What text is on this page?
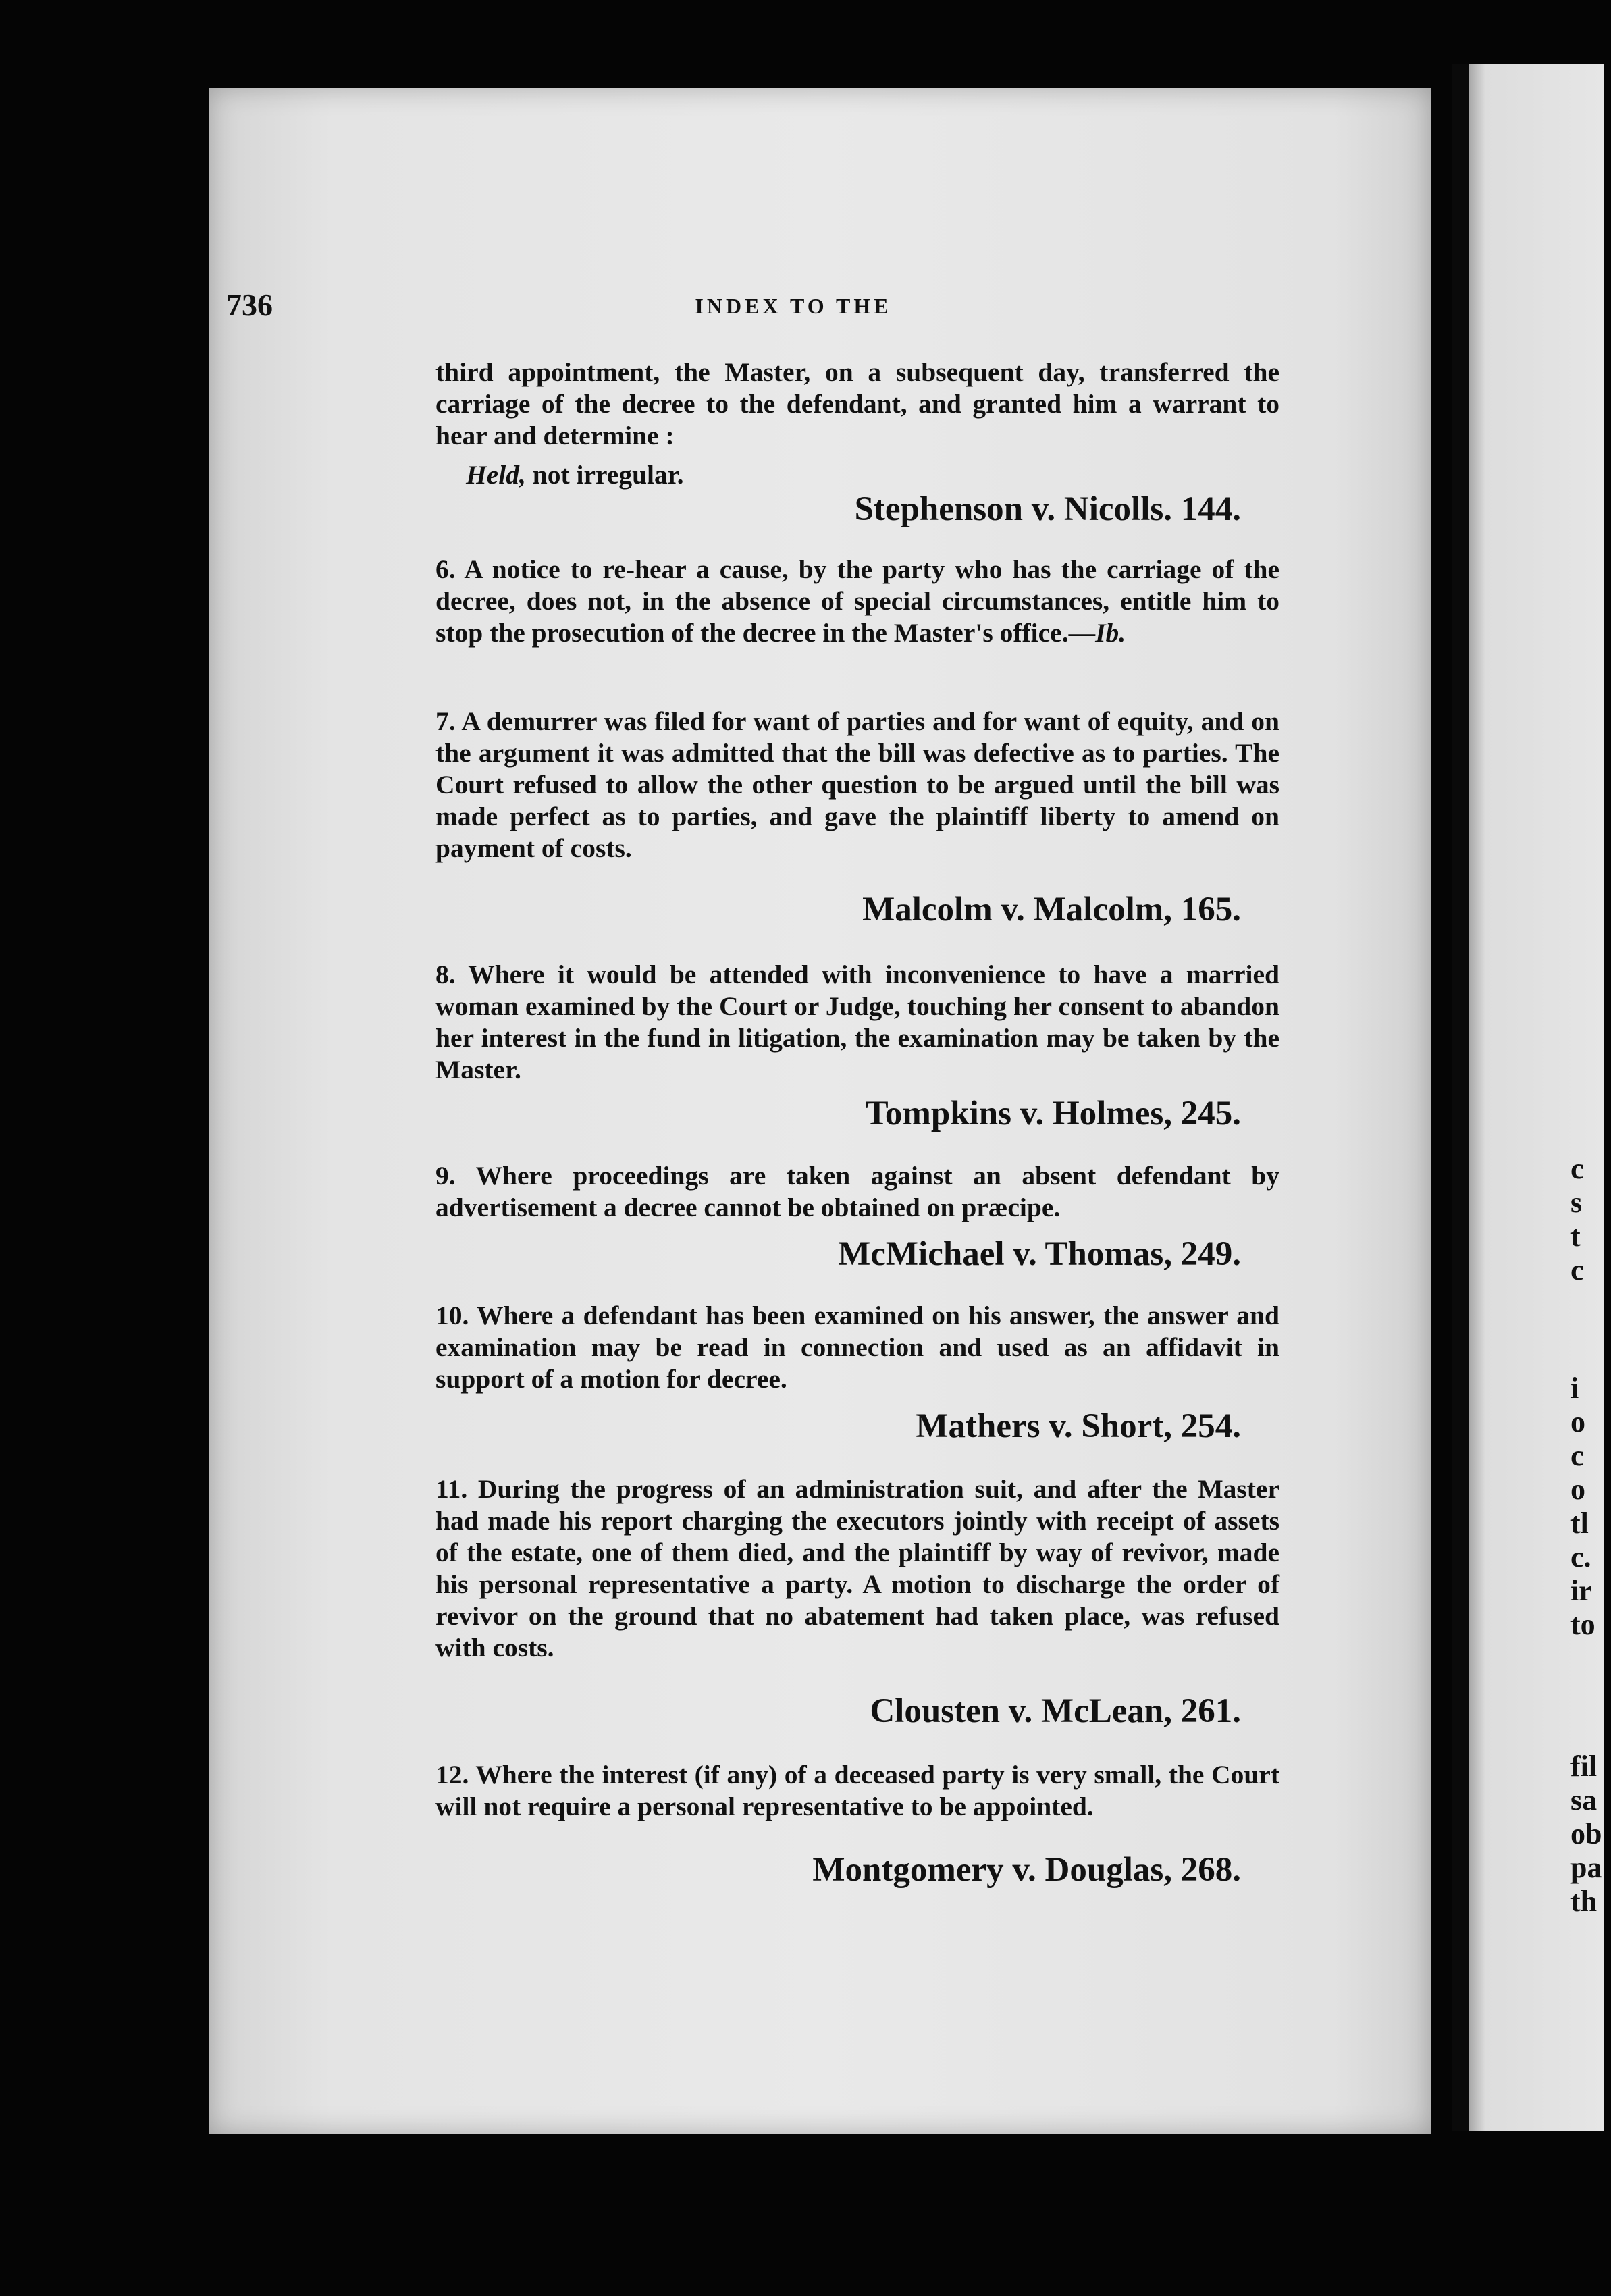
c
s
t
c
i
o
c
o
tl
c.
ir
to
fil
sa
ob
pa
th
736	INDEX TO THE

third appointment, the Master, on a subsequent day, transferred the carriage of the decree to the defendant, and granted him a warrant to hear and determine :

Held, not irregular.
Stephenson v. Nicolls. 144.

6. A notice to re-hear a cause, by the party who has the carriage of the decree, does not, in the absence of special circumstances, entitle him to stop the prosecution of the decree in the Master's office.—Ib.

7. A demurrer was filed for want of parties and for want of equity, and on the argument it was admitted that the bill was defective as to parties. The Court refused to allow the other question to be argued until the bill was made perfect as to parties, and gave the plaintiff liberty to amend on payment of costs.

Malcolm v. Malcolm, 165.

8. Where it would be attended with inconvenience to have a married woman examined by the Court or Judge, touching her consent to abandon her interest in the fund in litigation, the examination may be taken by the Master.

Tompkins v. Holmes, 245.

9. Where proceedings are taken against an absent defendant by advertisement a decree cannot be obtained on præcipe.

McMichael v. Thomas, 249.

10. Where a defendant has been examined on his answer, the answer and examination may be read in connection and used as an affidavit in support of a motion for decree.

Mathers v. Short, 254.

11. During the progress of an administration suit, and after the Master had made his report charging the executors jointly with receipt of assets of the estate, one of them died, and the plaintiff by way of revivor, made his personal representative a party. A motion to discharge the order of revivor on the ground that no abatement had taken place, was refused with costs.

Clousten v. McLean, 261.

12. Where the interest (if any) of a deceased party is very small, the Court will not require a personal representative to be appointed.

Montgomery v. Douglas, 268.
